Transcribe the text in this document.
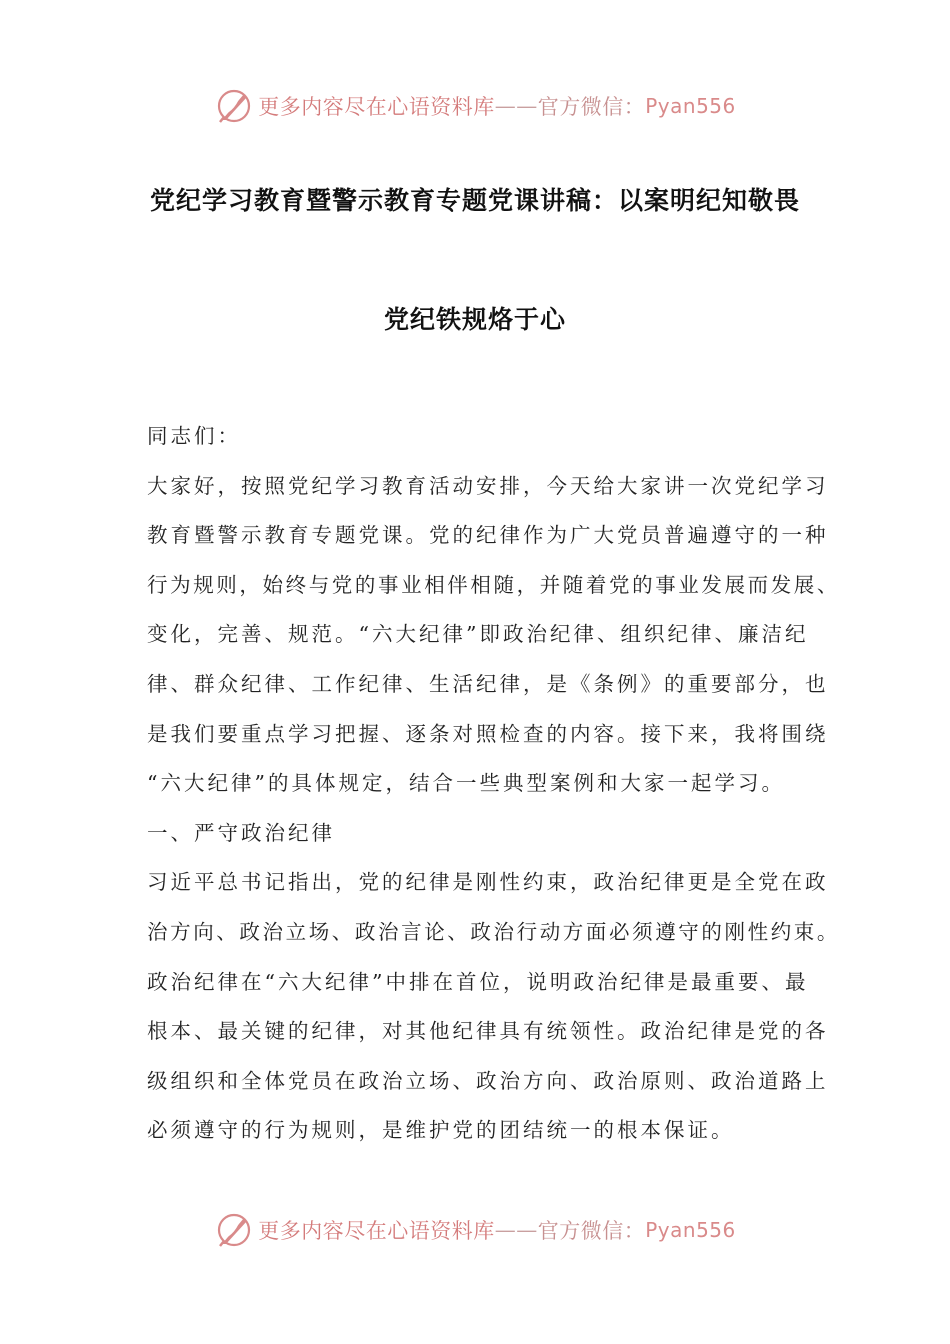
更多内容尽在心语资料库 —— 官方微信： Pyan556
党纪学习教育暨警示教育专题党课讲稿：以案明纪知敬畏
党纪铁规烙于心

同志们：

大家好，按照党纪学习教育活动安排，今天给大家讲一次党纪学习

教育暨警示教育专题党课。党的纪律作为广大党员普遍遵守的一种

行为规则，始终与党的事业相伴相随，并随着党的事业发展而发展、

变化，完善、规范。“六大纪律”即政治纪律、组织纪律、廉洁纪

律、群众纪律、工作纪律、生活纪律，是《条例》的重要部分，也

是我们要重点学习把握、逐条对照检查的内容。接下来，我将围绕

“六大纪律”的具体规定，结合一些典型案例和大家一起学习。

一、严守政治纪律

习近平总书记指出，党的纪律是刚性约束，政治纪律更是全党在政

治方向、政治立场、政治言论、政治行动方面必须遵守的刚性约束。

政治纪律在“六大纪律”中排在首位，说明政治纪律是最重要、最

根本、最关键的纪律，对其他纪律具有统领性。政治纪律是党的各

级组织和全体党员在政治立场、政治方向、政治原则、政治道路上

必须遵守的行为规则，是维护党的团结统一的根本保证。

更多内容尽在心语资料库 —— 官方微信： Pyan556
